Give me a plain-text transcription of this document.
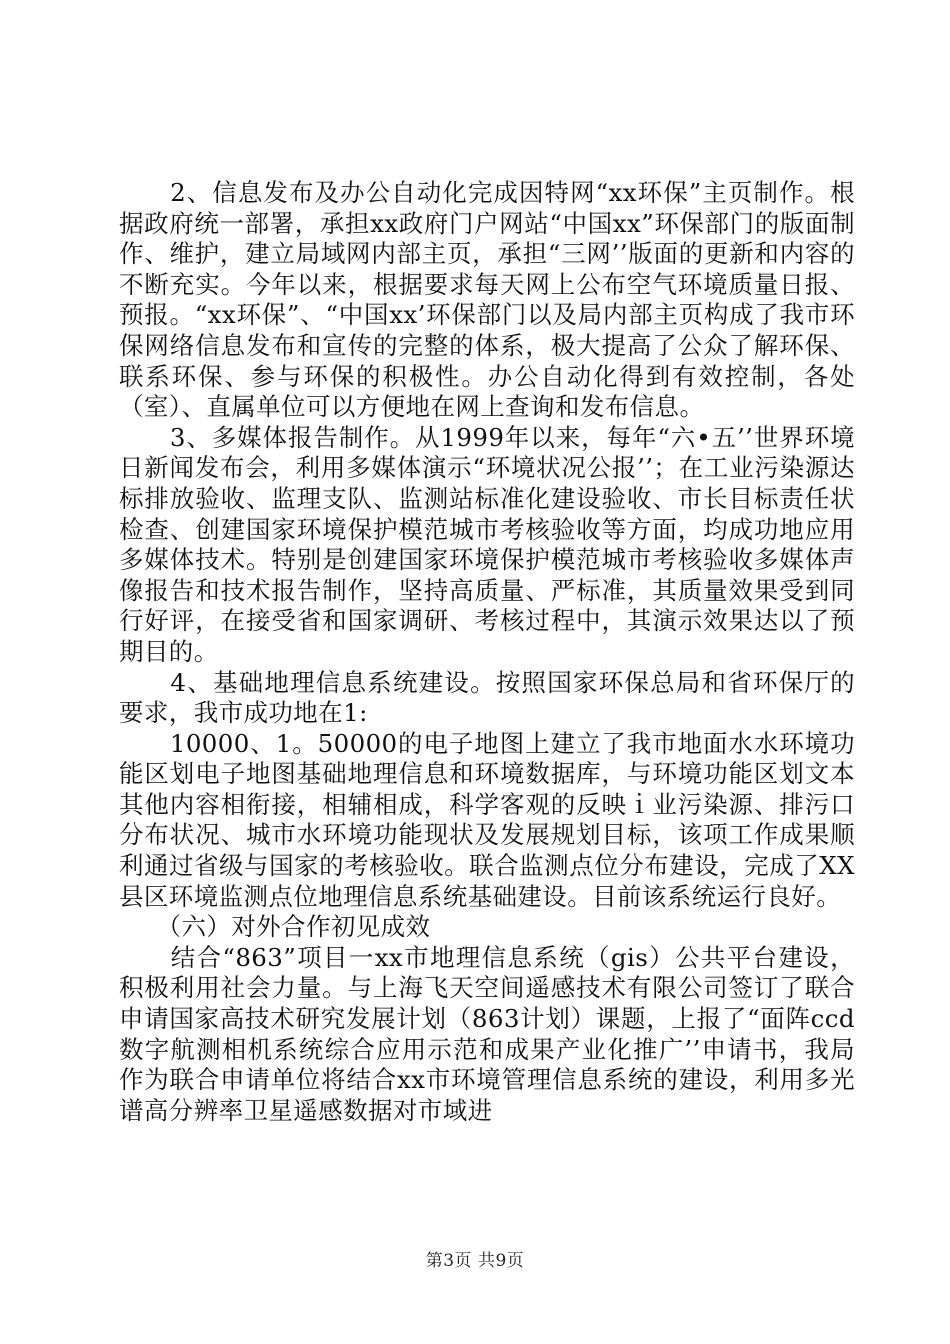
　　2、信息发布及办公自动化完成因特网“xx环保”主页制作。根据政府统一部署，承担xx政府门户网站“中国xx”环保部门的版面制作、维护，建立局域网内部主页，承担“三网’’版面的更新和内容的不断充实。今年以来，根据要求每天网上公布空气环境质量日报、预报。“xx环保”、“中国xx’环保部门以及局内部主页构成了我市环保网络信息发布和宣传的完整的体系，极大提高了公众了解环保、联系环保、参与环保的积极性。办公自动化得到有效控制，各处（室）、直属单位可以方便地在网上查询和发布信息。

　　3、多媒体报告制作。从1999年以来，每年“六•五’’世界环境日新闻发布会，利用多媒体演示“环境状况公报’’；在工业污染源达标排放验收、监理支队、监测站标准化建设验收、市长目标责任状检查、创建国家环境保护模范城市考核验收等方面，均成功地应用多媒体技术。特别是创建国家环境保护模范城市考核验收多媒体声像报告和技术报告制作，坚持高质量、严标准，其质量效果受到同行好评，在接受省和国家调研、考核过程中，其演示效果达以了预期目的。

　　4、基础地理信息系统建设。按照国家环保总局和省环保厅的要求，我市成功地在1:

　　10000、1。50000的电子地图上建立了我市地面水水环境功能区划电子地图基础地理信息和环境数据库，与环境功能区划文本其他内容相衔接，相辅相成，科学客观的反映ｉ业污染源、排污口分布状况、城市水环境功能现状及发展规划目标，该项工作成果顺利通过省级与国家的考核验收。联合监测点位分布建设，完成了XX县区环境监测点位地理信息系统基础建设。目前该系统运行良好。

　　（六）对外合作初见成效

　　结合“863”项目一xx市地理信息系统（gis）公共平台建设，积极利用社会力量。与上海飞天空间遥感技术有限公司签订了联合申请国家高技术研究发展计划（863计划）课题，上报了“面阵ccd数字航测相机系统综合应用示范和成果产业化推广’’申请书，我局作为联合申请单位将结合xx市环境管理信息系统的建设，利用多光谱高分辨率卫星遥感数据对市域进

第3页 共9页
